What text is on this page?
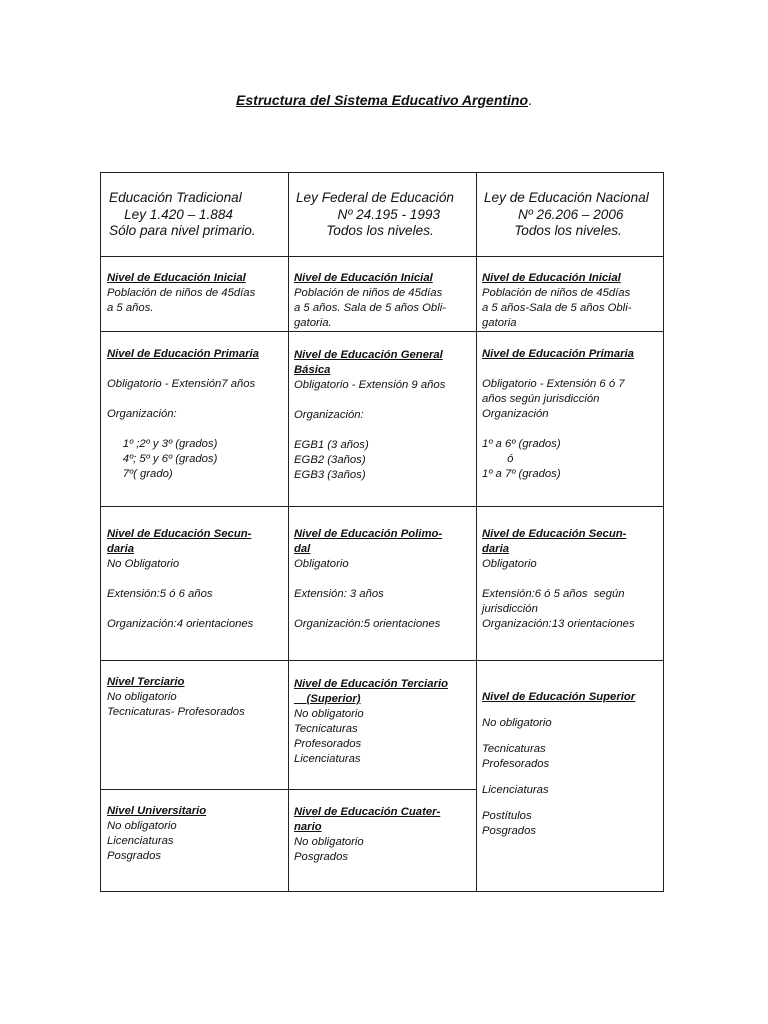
Estructura del Sistema Educativo Argentino.
Educación Tradicional
Ley 1.420 – 1.884
Sólo para nivel primario.
Ley Federal de Educación
Nº 24.195 - 1993
Todos los niveles.
Ley de Educación Nacional
Nº 26.206 – 2006
Todos los niveles.
Nivel de Educación Inicial
Población de niños de 45días
a 5 años.
Nivel de Educación Inicial
Población de niños de 45días
a 5 años. Sala de 5 años Obli-
gatoria.
Nivel de Educación Inicial
Población de niños de 45días
a 5 años-Sala de 5 años Obli-
gatoria
Nivel de Educación Primaria
Obligatorio - Extensión7 años
Organización:
1º ;2º y 3º (grados)
4º; 5º y 6º (grados)
7º( grado)
Nivel de Educación General
Básica
Obligatorio - Extensión 9 años
Organización:
EGB1 (3 años)
EGB2 (3años)
EGB3 (3años)
Nivel de Educación Primaria
Obligatorio - Extensión 6 ó 7
años según jurisdicción
Organización
1º a 6º (grados)
ó
1º a 7º (grados)
Nivel de Educación Secun-
daria
No Obligatorio
Extensión:5 ó 6 años
Organización:4 orientaciones
Nivel de Educación Polimo-
dal
Obligatorio
Extensión: 3 años
Organización:5 orientaciones
Nivel de Educación Secun-
daria
Obligatorio
Extensión:6 ó 5 años  según
jurisdicción
Organización:13 orientaciones
Nivel Terciario
No obligatorio
Tecnicaturas- Profesorados
Nivel de Educación Terciario
(Superior)
No obligatorio
Tecnicaturas
Profesorados
Licenciaturas
Nivel Universitario
No obligatorio
Licenciaturas
Posgrados
Nivel de Educación Cuater-
nario
No obligatorio
Posgrados
Nivel de Educación Superior
No obligatorio
Tecnicaturas
Profesorados
Licenciaturas
Postítulos
Posgrados
